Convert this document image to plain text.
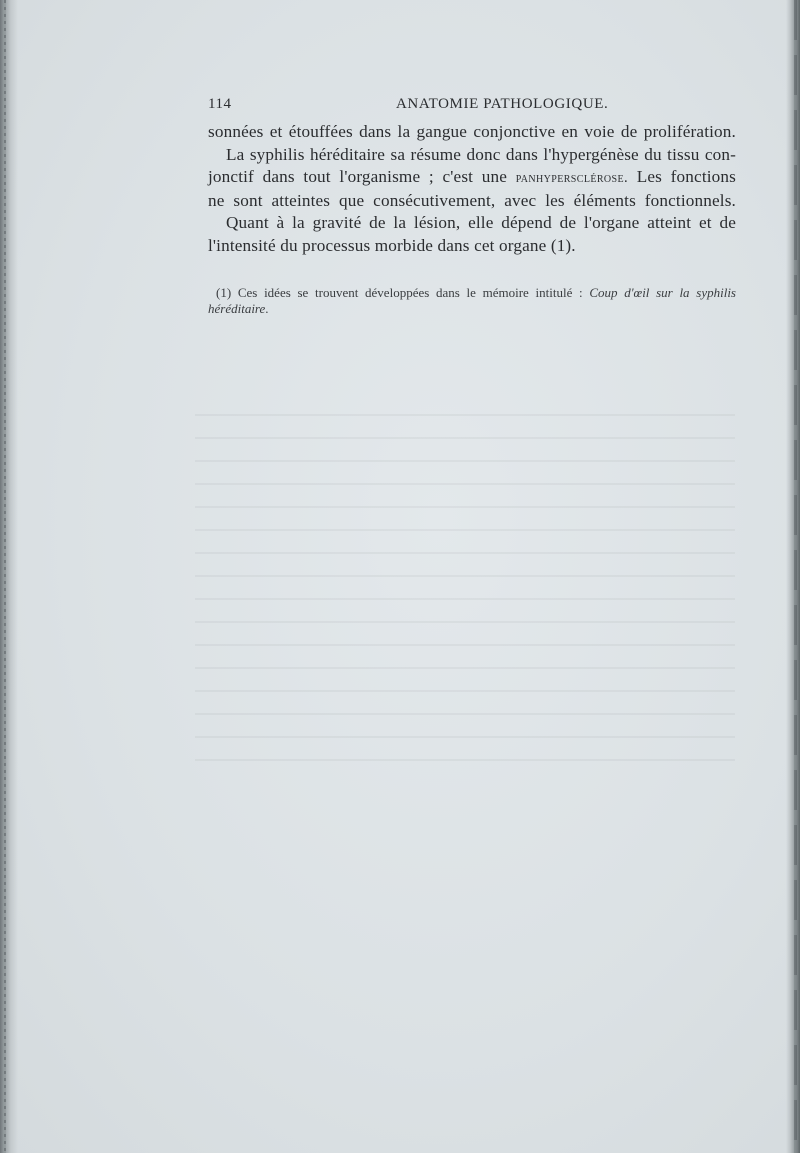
114	ANATOMIE PATHOLOGIQUE.
sonnées et étouffées dans la gangue conjonctive en voie de prolifération.
La syphilis héréditaire sa résume donc dans l'hypergénèse du tissu con-
jonctif dans tout l'organisme ; c'est une panhypersclérose. Les fonctions
ne sont atteintes que consécutivement, avec les éléments fonctionnels.
Quant à la gravité de la lésion, elle dépend de l'organe atteint et de
l'intensité du processus morbide dans cet organe (1).
(1) Ces idées se trouvent développées dans le mémoire intitulé : Coup d'œil sur la syphilis
héréditaire.
